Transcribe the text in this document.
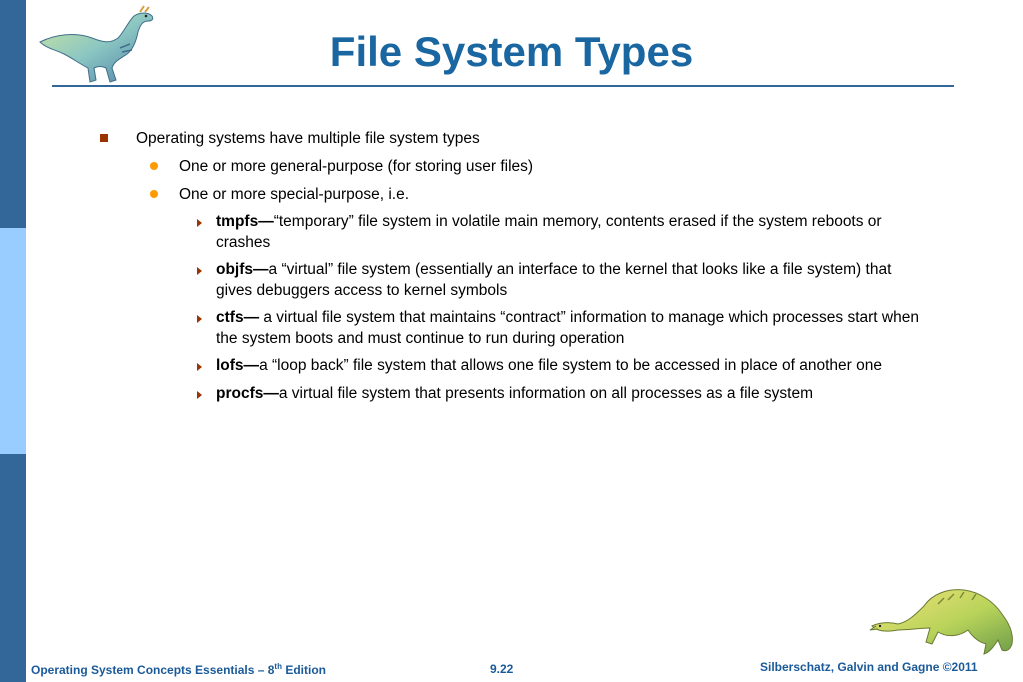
File System Types
Operating systems have multiple file system types
One or more general-purpose (for storing user files)
One or more special-purpose, i.e.
tmpfs—“temporary” file system in volatile main memory, contents erased if the system reboots or
crashes
objfs—a “virtual” file system (essentially an interface to the kernel that looks like a file system) that
gives debuggers access to kernel symbols
ctfs— a virtual file system that maintains “contract” information to manage which processes start when
the system boots and must continue to run during operation
lofs—a “loop back” file system that allows one file system to be accessed in place of another one
procfs—a virtual file system that presents information on all processes as a file system
Operating System Concepts Essentials – 8th Edition	9.22	Silberschatz, Galvin and Gagne ©2011
